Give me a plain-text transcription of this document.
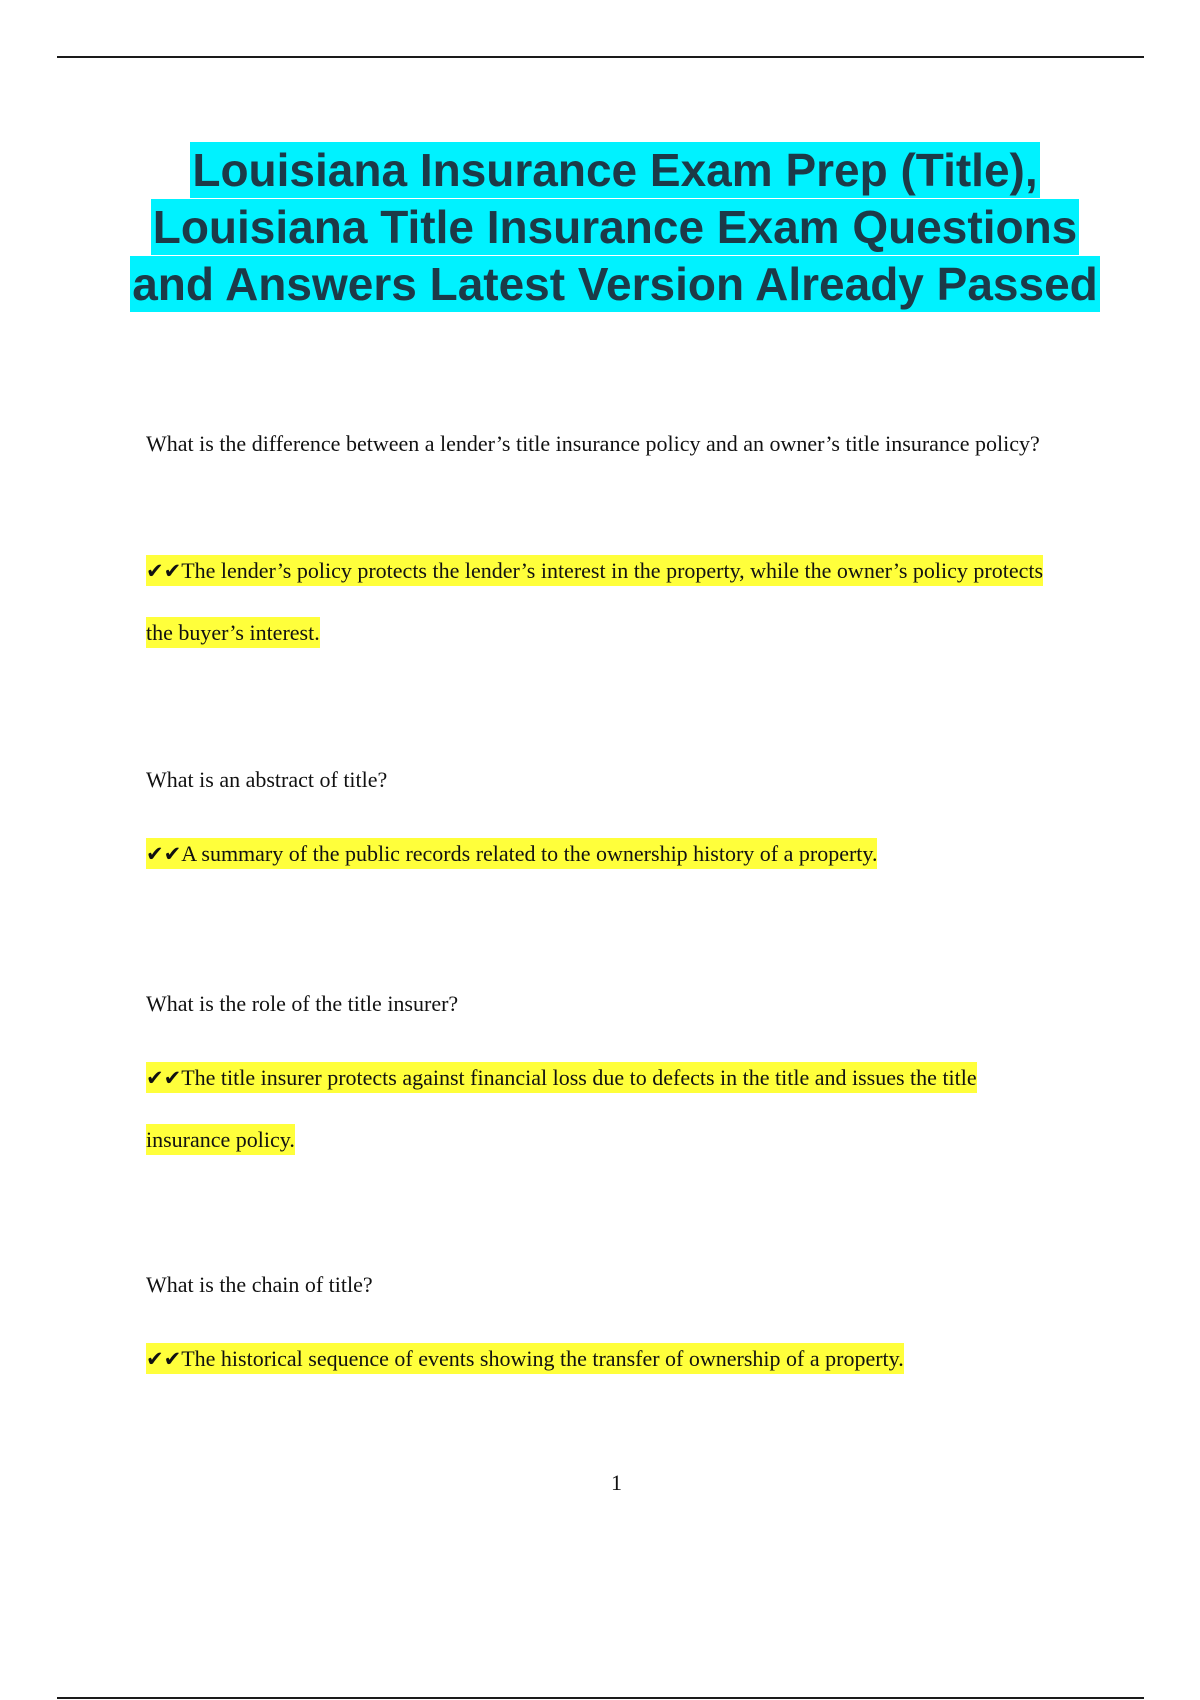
Louisiana Insurance Exam Prep (Title), Louisiana Title Insurance Exam Questions and Answers Latest Version Already Passed

What is the difference between a lender’s title insurance policy and an owner’s title insurance policy?

✔✔The lender’s policy protects the lender’s interest in the property, while the owner’s policy protects the buyer’s interest.

What is an abstract of title?

✔✔A summary of the public records related to the ownership history of a property.

What is the role of the title insurer?

✔✔The title insurer protects against financial loss due to defects in the title and issues the title insurance policy.

What is the chain of title?

✔✔The historical sequence of events showing the transfer of ownership of a property.

1
